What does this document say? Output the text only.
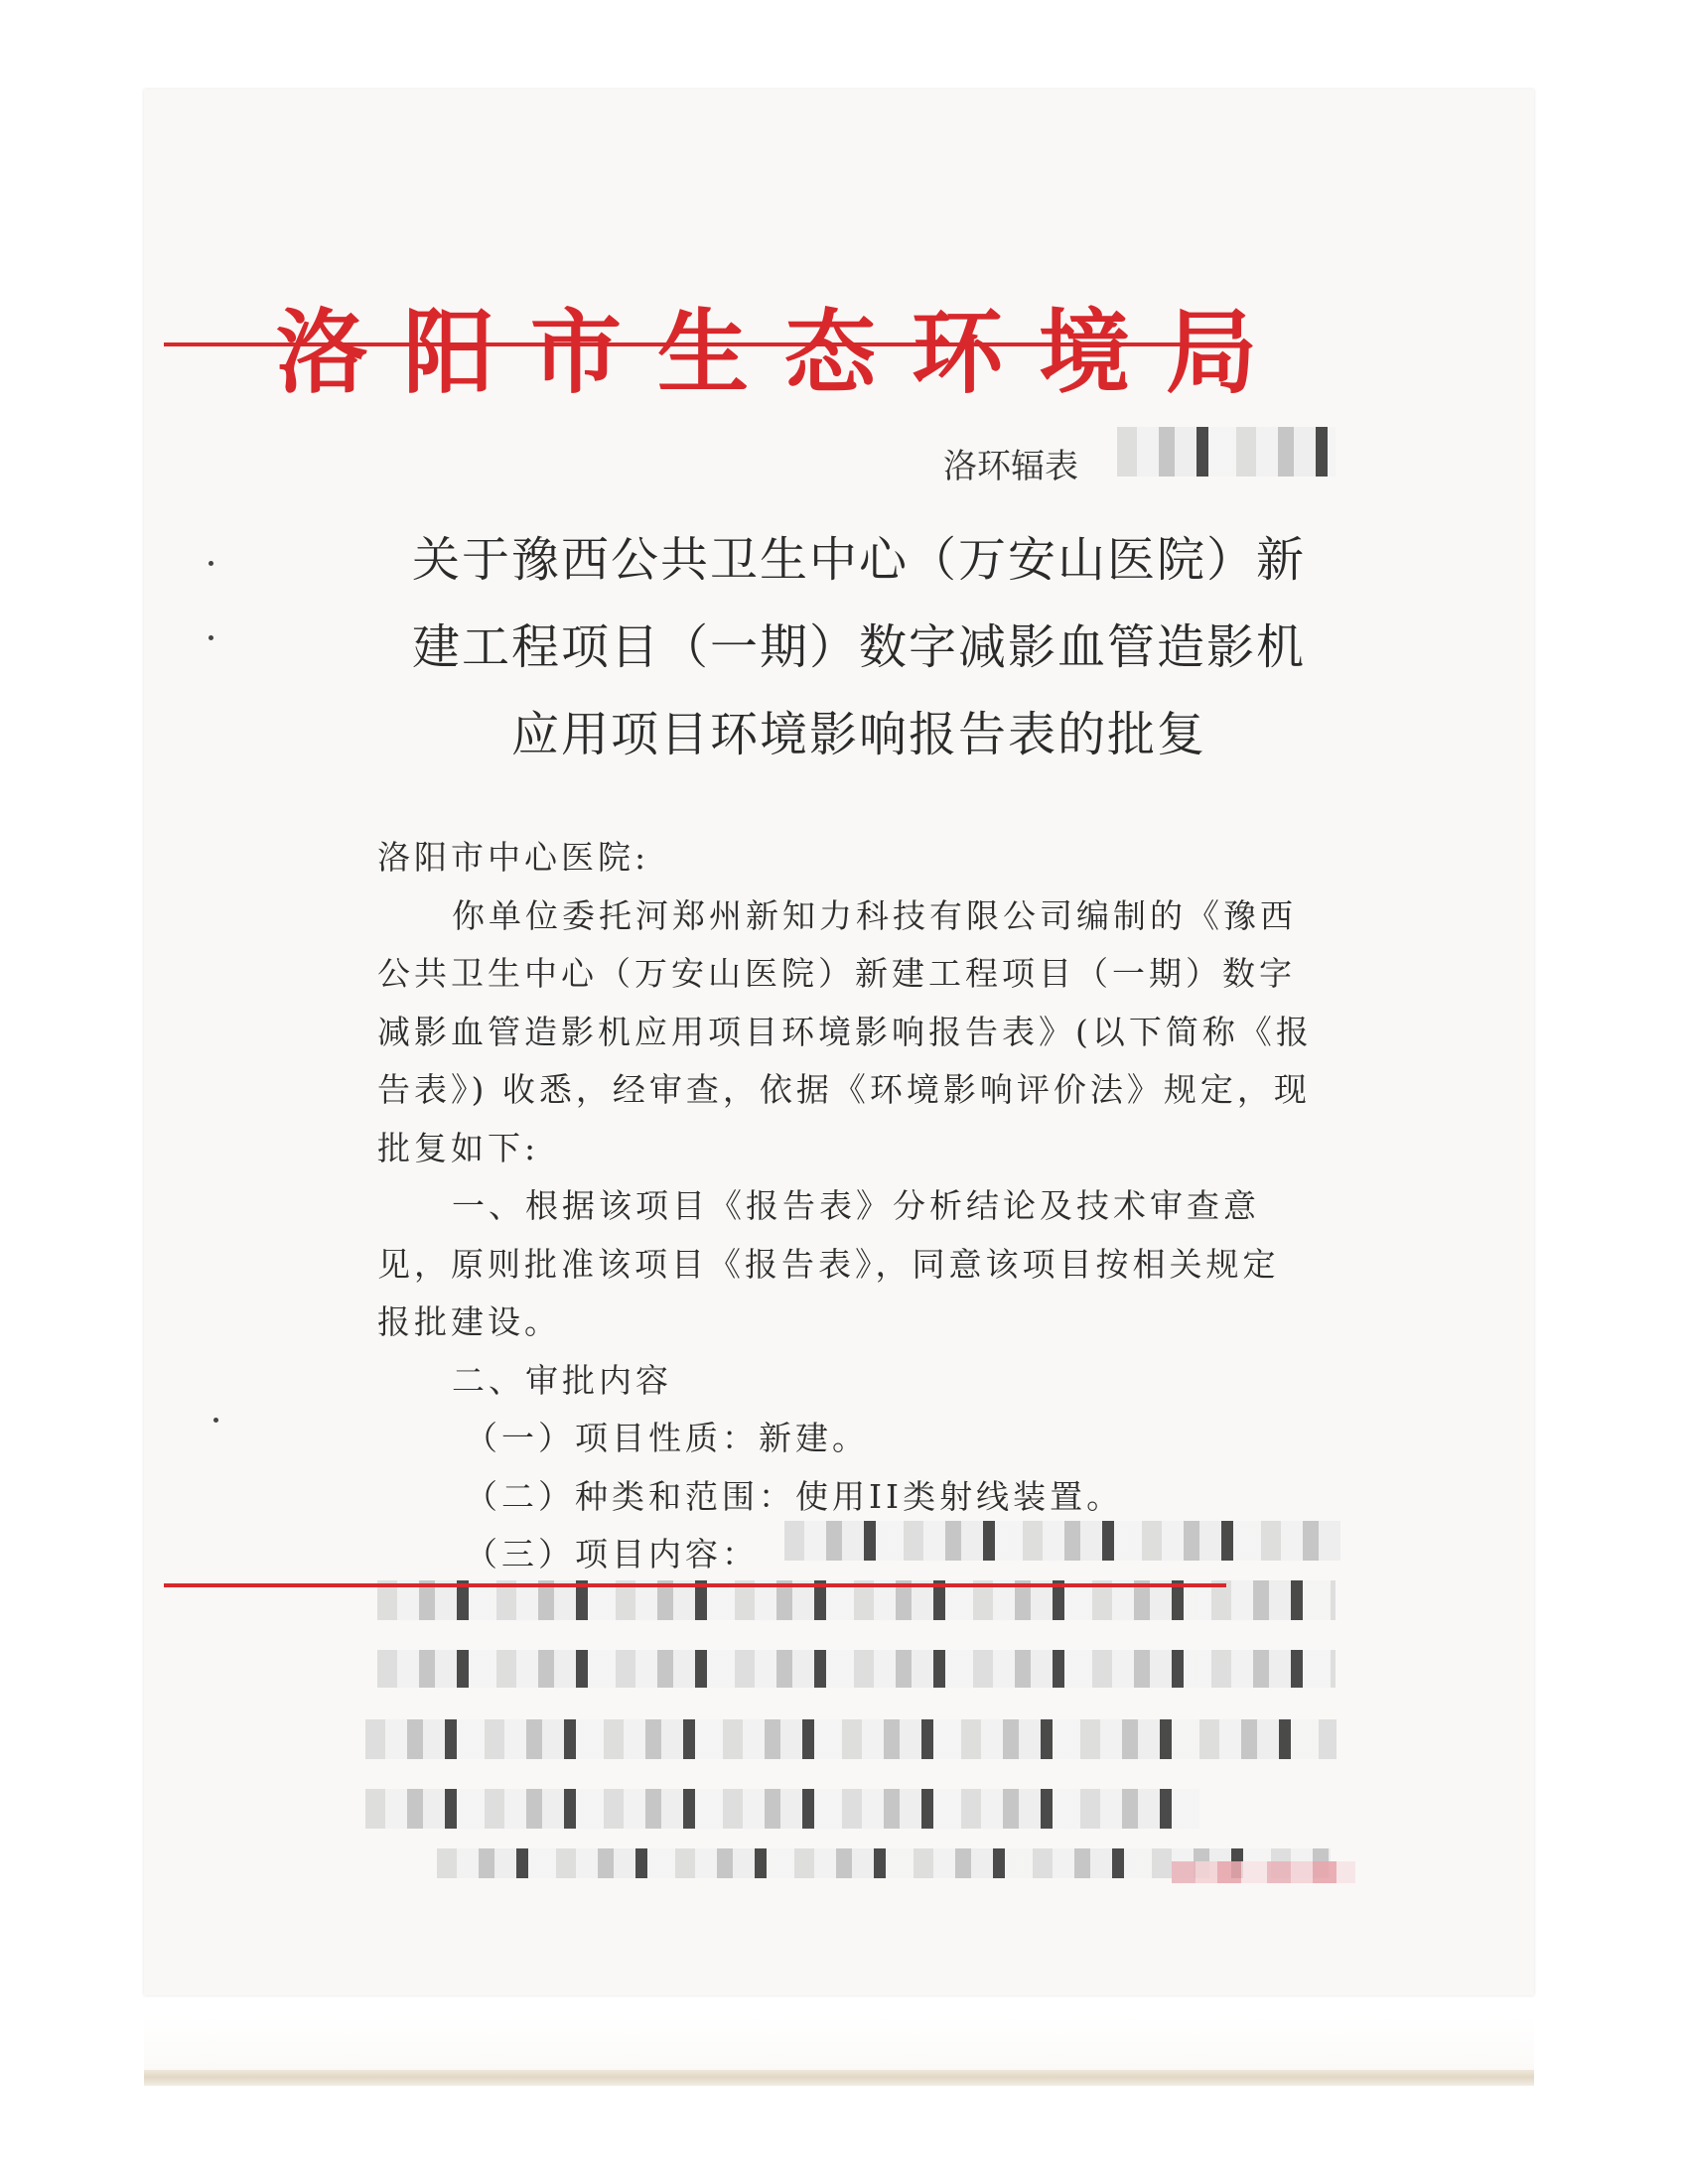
洛阳市生态环境局
洛环辐表
关于豫西公共卫生中心（万安山医院）新
建工程项目（一期）数字减影血管造影机
应用项目环境影响报告表的批复

洛阳市中心医院:

你单位委托河郑州新知力科技有限公司编制的《豫西

公共卫生中心（万安山医院）新建工程项目（一期）数字

减影血管造影机应用项目环境影响报告表》(以下简称《报

告表》) 收悉，经审查，依据《环境影响评价法》规定，现

批复如下:

一、根据该项目《报告表》分析结论及技术审查意

见，原则批准该项目《报告表》，同意该项目按相关规定

报批建设。

二、审批内容

（一）项目性质：新建。

（二）种类和范围：使用II类射线装置。

（三）项目内容：
